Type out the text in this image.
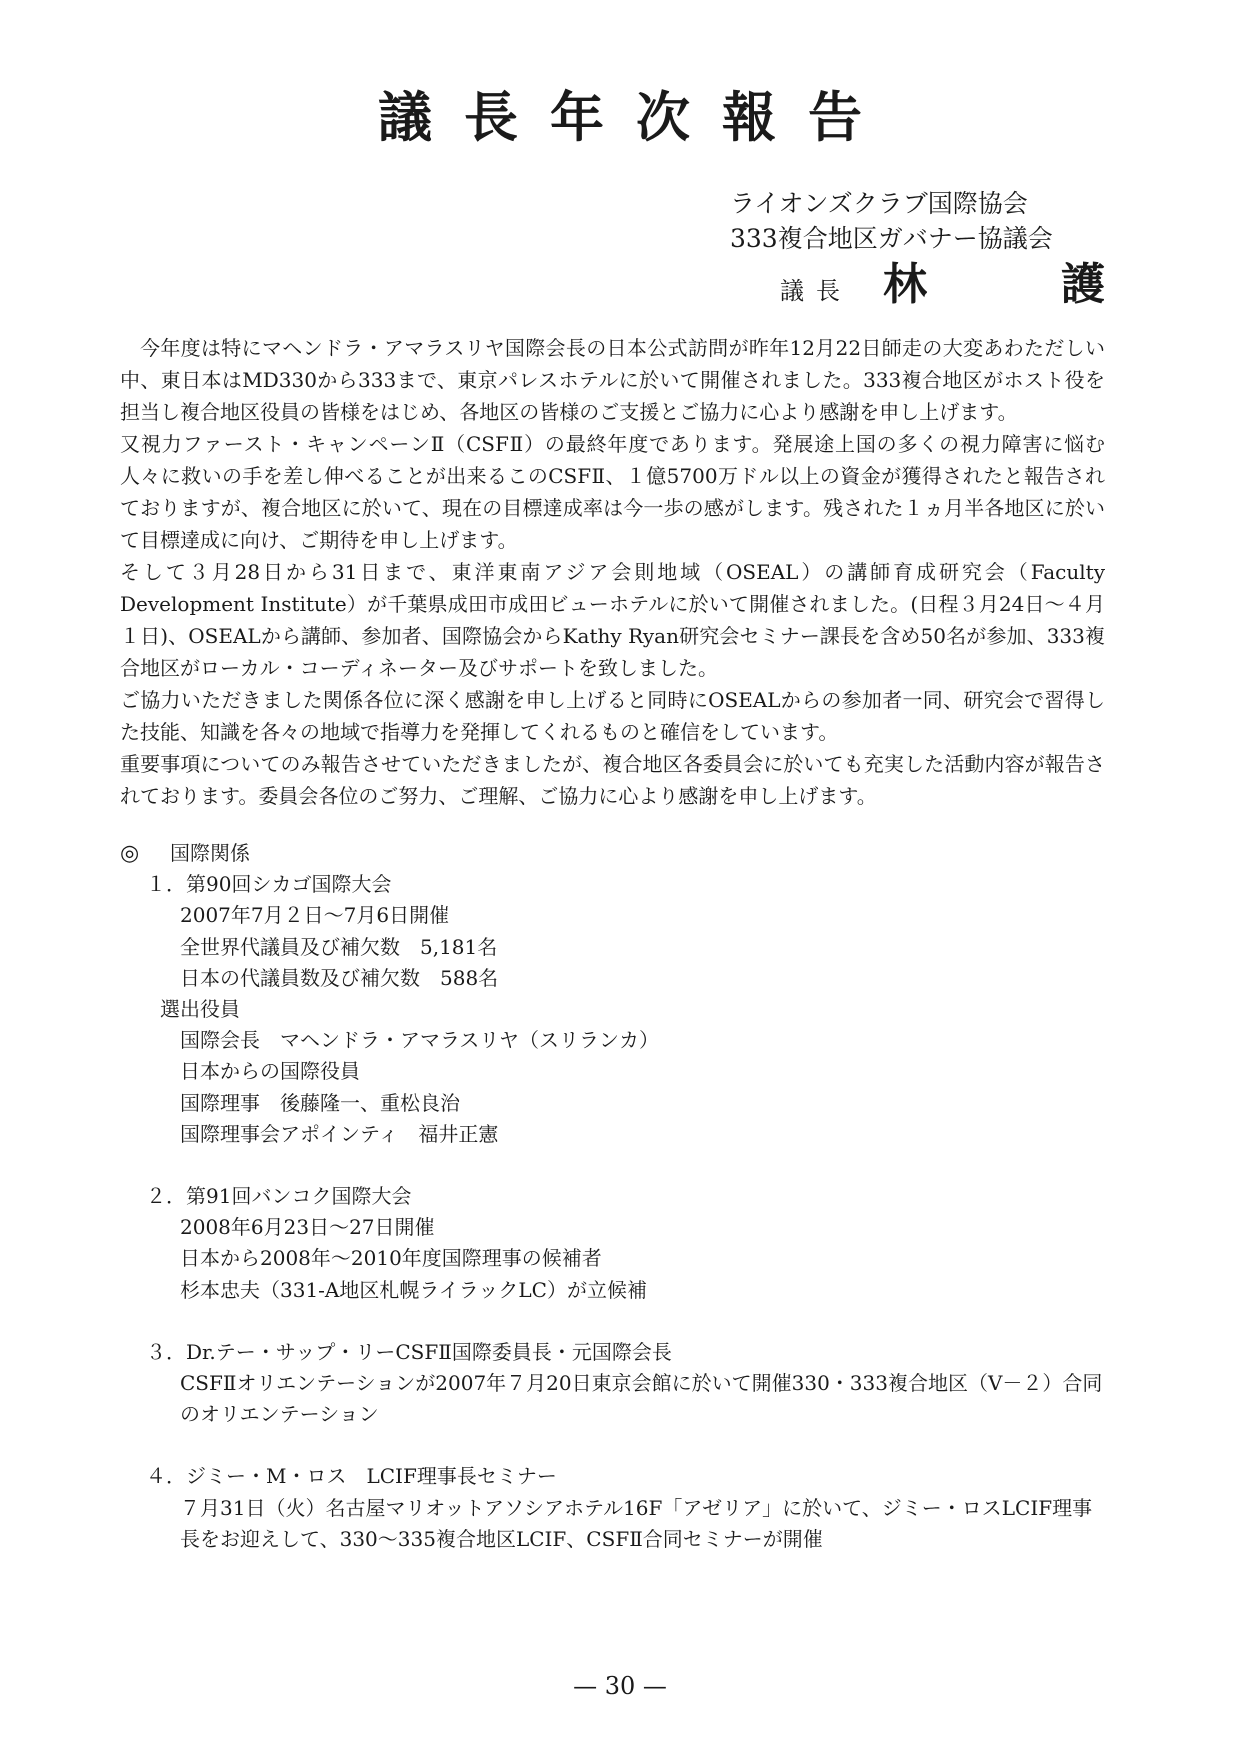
議長年次報告
ライオンズクラブ国際協会
333複合地区ガバナー協議会
議長 林	護

今年度は特にマヘンドラ・アマラスリヤ国際会長の日本公式訪問が昨年12月22日師走の大変あわただしい中、東日本はMD330から333まで、東京パレスホテルに於いて開催されました。333複合地区がホスト役を担当し複合地区役員の皆様をはじめ、各地区の皆様のご支援とご協力に心より感謝を申し上げます。

又視力ファースト・キャンペーンⅡ（CSFⅡ）の最終年度であります。発展途上国の多くの視力障害に悩む人々に救いの手を差し伸べることが出来るこのCSFⅡ、１億5700万ドル以上の資金が獲得されたと報告されておりますが、複合地区に於いて、現在の目標達成率は今一歩の感がします。残された１ヵ月半各地区に於いて目標達成に向け、ご期待を申し上げます。

そして３月28日から31日まで、東洋東南アジア会則地域（OSEAL）の講師育成研究会（Faculty Development Institute）が千葉県成田市成田ビューホテルに於いて開催されました。(日程３月24日～４月１日)、OSEALから講師、参加者、国際協会からKathy Ryan研究会セミナー課長を含め50名が参加、333複合地区がローカル・コーディネーター及びサポートを致しました。

ご協力いただきました関係各位に深く感謝を申し上げると同時にOSEALからの参加者一同、研究会で習得した技能、知識を各々の地域で指導力を発揮してくれるものと確信をしています。

重要事項についてのみ報告させていただきましたが、複合地区各委員会に於いても充実した活動内容が報告されております。委員会各位のご努力、ご理解、ご協力に心より感謝を申し上げます。

◎	国際関係
１．第90回シカゴ国際大会
2007年7月２日～7月6日開催
全世界代議員及び補欠数　5,181名
日本の代議員数及び補欠数　588名
選出役員
国際会長　マヘンドラ・アマラスリヤ（スリランカ）
日本からの国際役員
国際理事　後藤隆一、重松良治
国際理事会アポインティ　福井正憲
２．第91回バンコク国際大会
2008年6月23日～27日開催
日本から2008年～2010年度国際理事の候補者
杉本忠夫（331-A地区札幌ライラックLC）が立候補
３．Dr.テー・サップ・リーCSFⅡ国際委員長・元国際会長
CSFⅡオリエンテーションが2007年７月20日東京会館に於いて開催330・333複合地区（V－２）合同のオリエンテーション
４．ジミー・M・ロス　LCIF理事長セミナー
７月31日（火）名古屋マリオットアソシアホテル16F「アゼリア」に於いて、ジミー・ロスLCIF理事長をお迎えして、330～335複合地区LCIF、CSFⅡ合同セミナーが開催
— 30 —
